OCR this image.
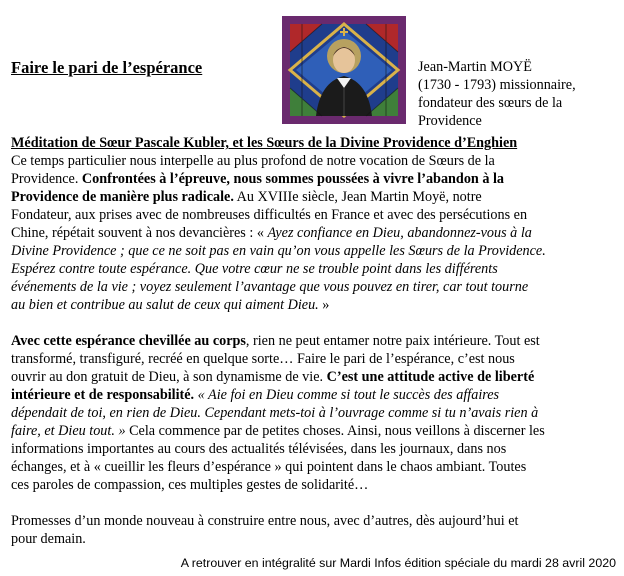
Faire le pari de l’espérance	Jean-Martin MOYË
(1730 - 1793) missionnaire,
fondateur des sœurs de la
Providence
Méditation de Sœur Pascale Kubler, et les Sœurs de la Divine Providence d’Enghien

Ce temps particulier nous interpelle au plus profond de notre vocation de Sœurs de la
Providence. Confrontées à l’épreuve, nous sommes poussées à vivre l’abandon à la
Providence de manière plus radicale. Au XVIIIe siècle, Jean Martin Moyë, notre
Fondateur, aux prises avec de nombreuses difficultés en France et avec des persécutions en
Chine, répétait souvent à nos devancières : « Ayez confiance en Dieu, abandonnez-vous à la
Divine Providence ; que ce ne soit pas en vain qu’on vous appelle les Sœurs de la Providence.
Espérez contre toute espérance. Que votre cœur ne se trouble point dans les différents
événements de la vie ; voyez seulement l’avantage que vous pouvez en tirer, car tout tourne
au bien et contribue au salut de ceux qui aiment Dieu. »

Avec cette espérance chevillée au corps, rien ne peut entamer notre paix intérieure. Tout est
transformé, transfiguré, recréé en quelque sorte… Faire le pari de l’espérance, c’est nous
ouvrir au don gratuit de Dieu, à son dynamisme de vie. C’est une attitude active de liberté
intérieure et de responsabilité. « Aie foi en Dieu comme si tout le succès des affaires
dépendait de toi, en rien de Dieu. Cependant mets-toi à l’ouvrage comme si tu n’avais rien à
faire, et Dieu tout. » Cela commence par de petites choses. Ainsi, nous veillons à discerner les
informations importantes au cours des actualités télévisées, dans les journaux, dans nos
échanges, et à « cueillir les fleurs d’espérance » qui pointent dans le chaos ambiant. Toutes
ces paroles de compassion, ces multiples gestes de solidarité…

Promesses d’un monde nouveau à construire entre nous, avec d’autres, dès aujourd’hui et
pour demain.

A retrouver en intégralité sur Mardi Infos édition spéciale du mardi 28 avril 2020
